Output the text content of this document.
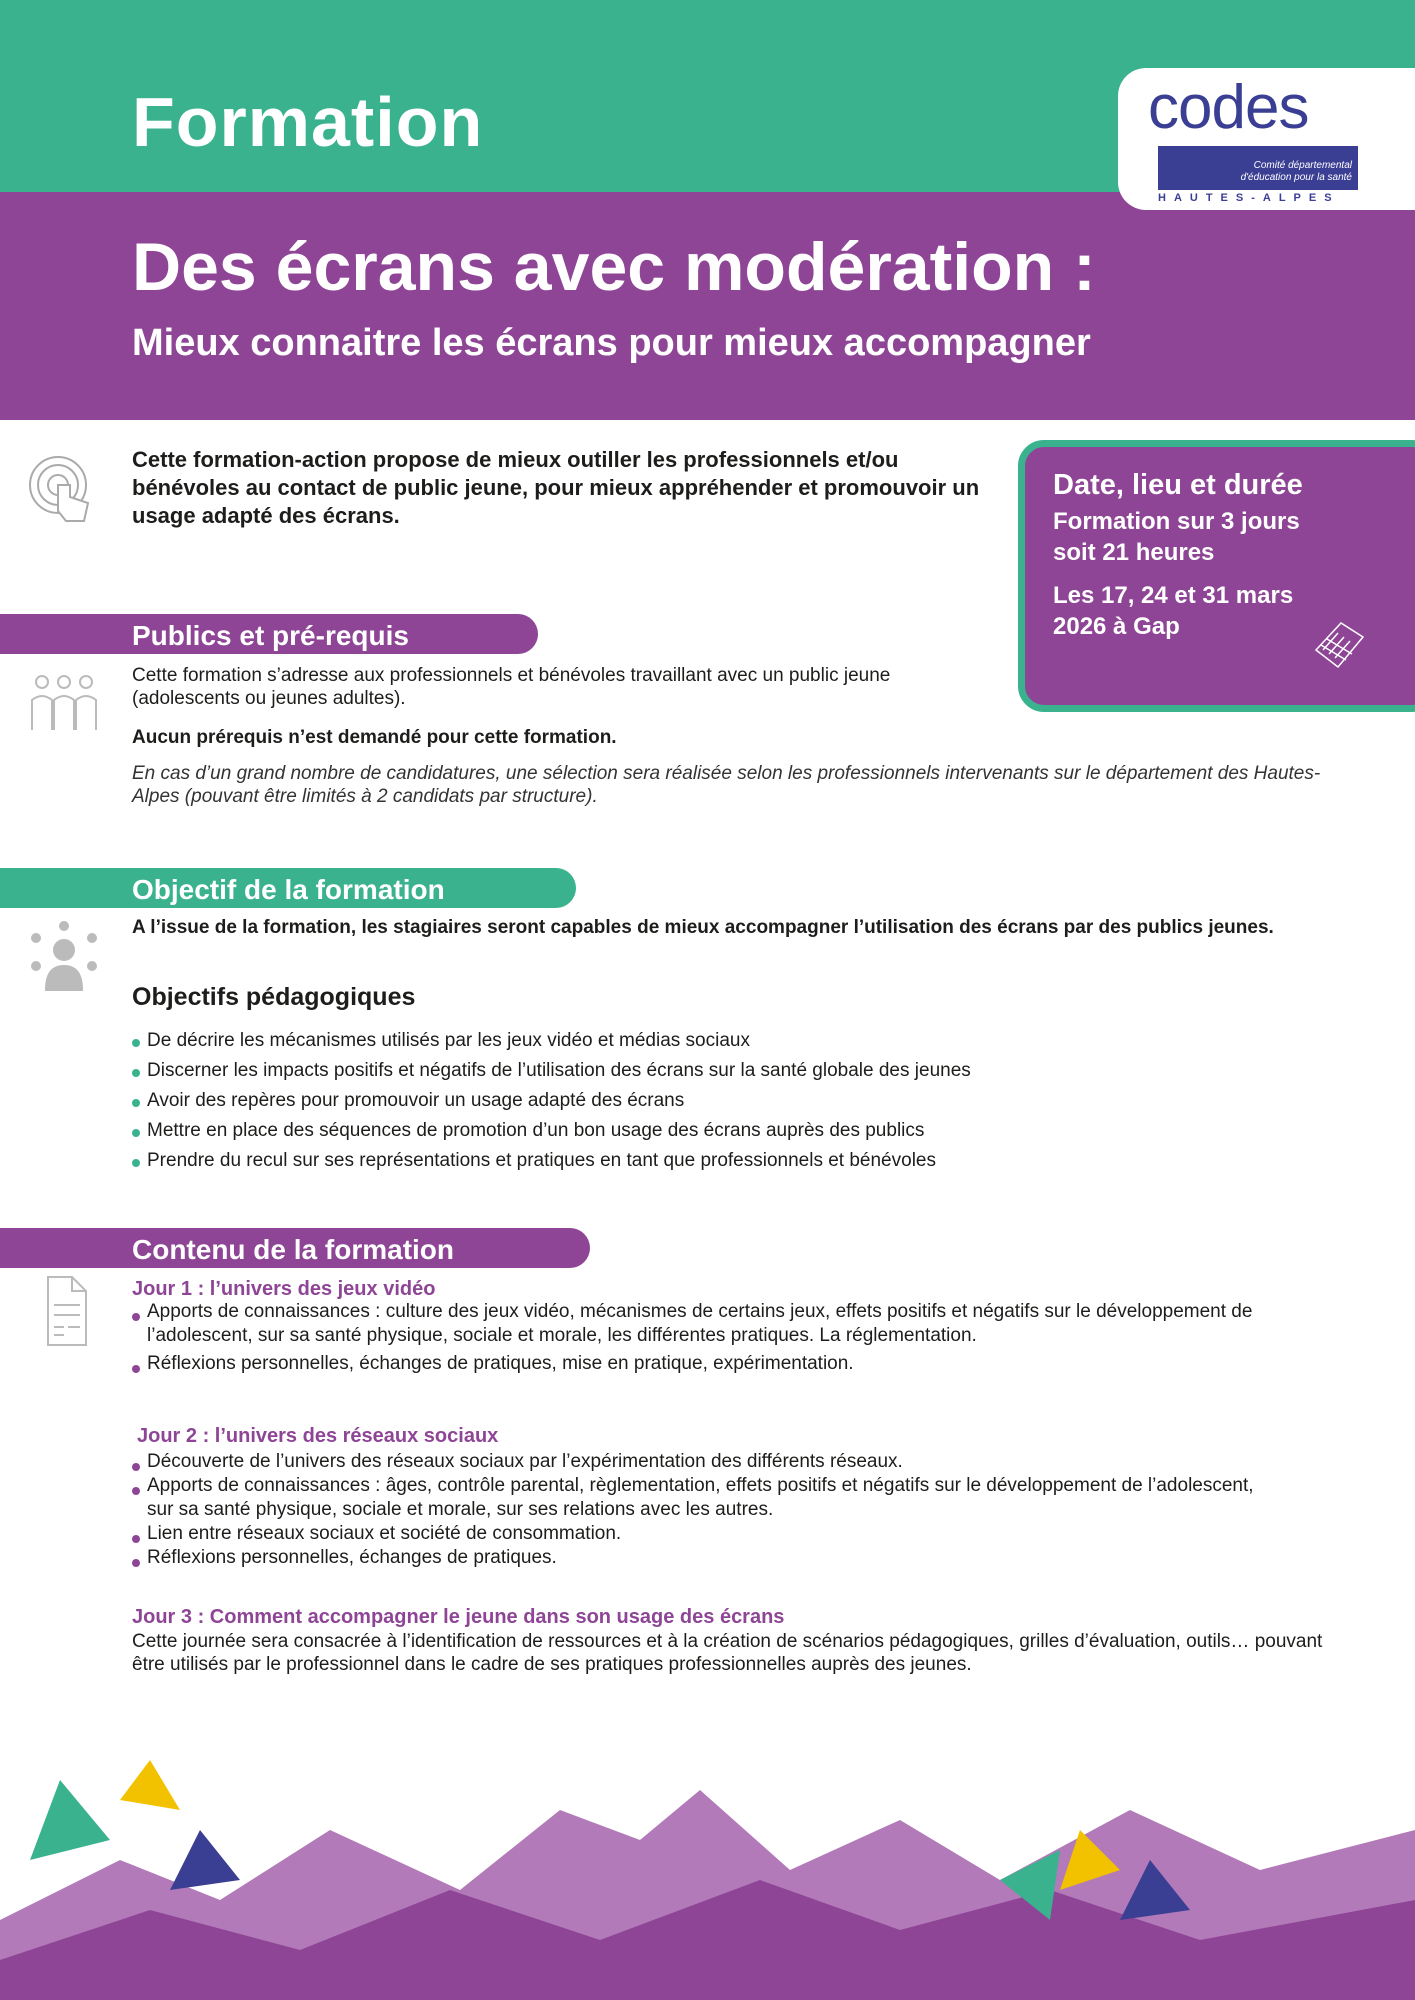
Formation	codes
Comité départemental
d'éducation pour la santé
HAUTES-ALPES
Des écrans avec modération :
Mieux connaitre les écrans pour mieux accompagner
Cette formation-action propose de mieux outiller les professionnels et/ou bénévoles au contact de public jeune, pour mieux appréhender et promouvoir un usage adapté des écrans.
Date, lieu et durée
Formation sur 3 jours
soit 21 heures
Les 17, 24 et 31 mars
2026 à Gap
Publics et pré-requis
Cette formation s’adresse aux professionnels et bénévoles travaillant avec un public jeune (adolescents ou jeunes adultes).
Aucun prérequis n’est demandé pour cette formation.
En cas d’un grand nombre de candidatures, une sélection sera réalisée selon les professionnels intervenants sur le département des Hautes-Alpes (pouvant être limités à 2 candidats par structure).
Objectif de la formation
A l’issue de la formation, les stagiaires seront capables de mieux accompagner l’utilisation des écrans par des publics jeunes.
Objectifs pédagogiques
De décrire les mécanismes utilisés par les jeux vidéo et médias sociaux
Discerner les impacts positifs et négatifs de l’utilisation des écrans sur la santé globale des jeunes
Avoir des repères pour promouvoir un usage adapté des écrans
Mettre en place des séquences de promotion d’un bon usage des écrans auprès des publics
Prendre du recul sur ses représentations et pratiques en tant que professionnels et bénévoles
Contenu de la formation
Jour 1 : l’univers des jeux vidéo
Apports de connaissances : culture des jeux vidéo, mécanismes de certains jeux, effets positifs et négatifs sur le développement de l’adolescent, sur sa santé physique, sociale et morale, les différentes pratiques. La réglementation.
Réflexions personnelles, échanges de pratiques, mise en pratique, expérimentation.
Jour 2 : l’univers des réseaux sociaux
Découverte de l’univers des réseaux sociaux par l’expérimentation des différents réseaux.
Apports de connaissances : âges, contrôle parental, règlementation, effets positifs et négatifs sur le développement de l’adolescent, sur sa santé physique, sociale et morale, sur ses relations avec les autres.
Lien entre réseaux sociaux et société de consommation.
Réflexions personnelles, échanges de pratiques.
Jour 3 : Comment accompagner le jeune dans son usage des écrans
Cette journée sera consacrée à l’identification de ressources et à la création de scénarios pédagogiques, grilles d’évaluation, outils… pouvant être utilisés par le professionnel dans le cadre de ses pratiques professionnelles auprès des jeunes.
